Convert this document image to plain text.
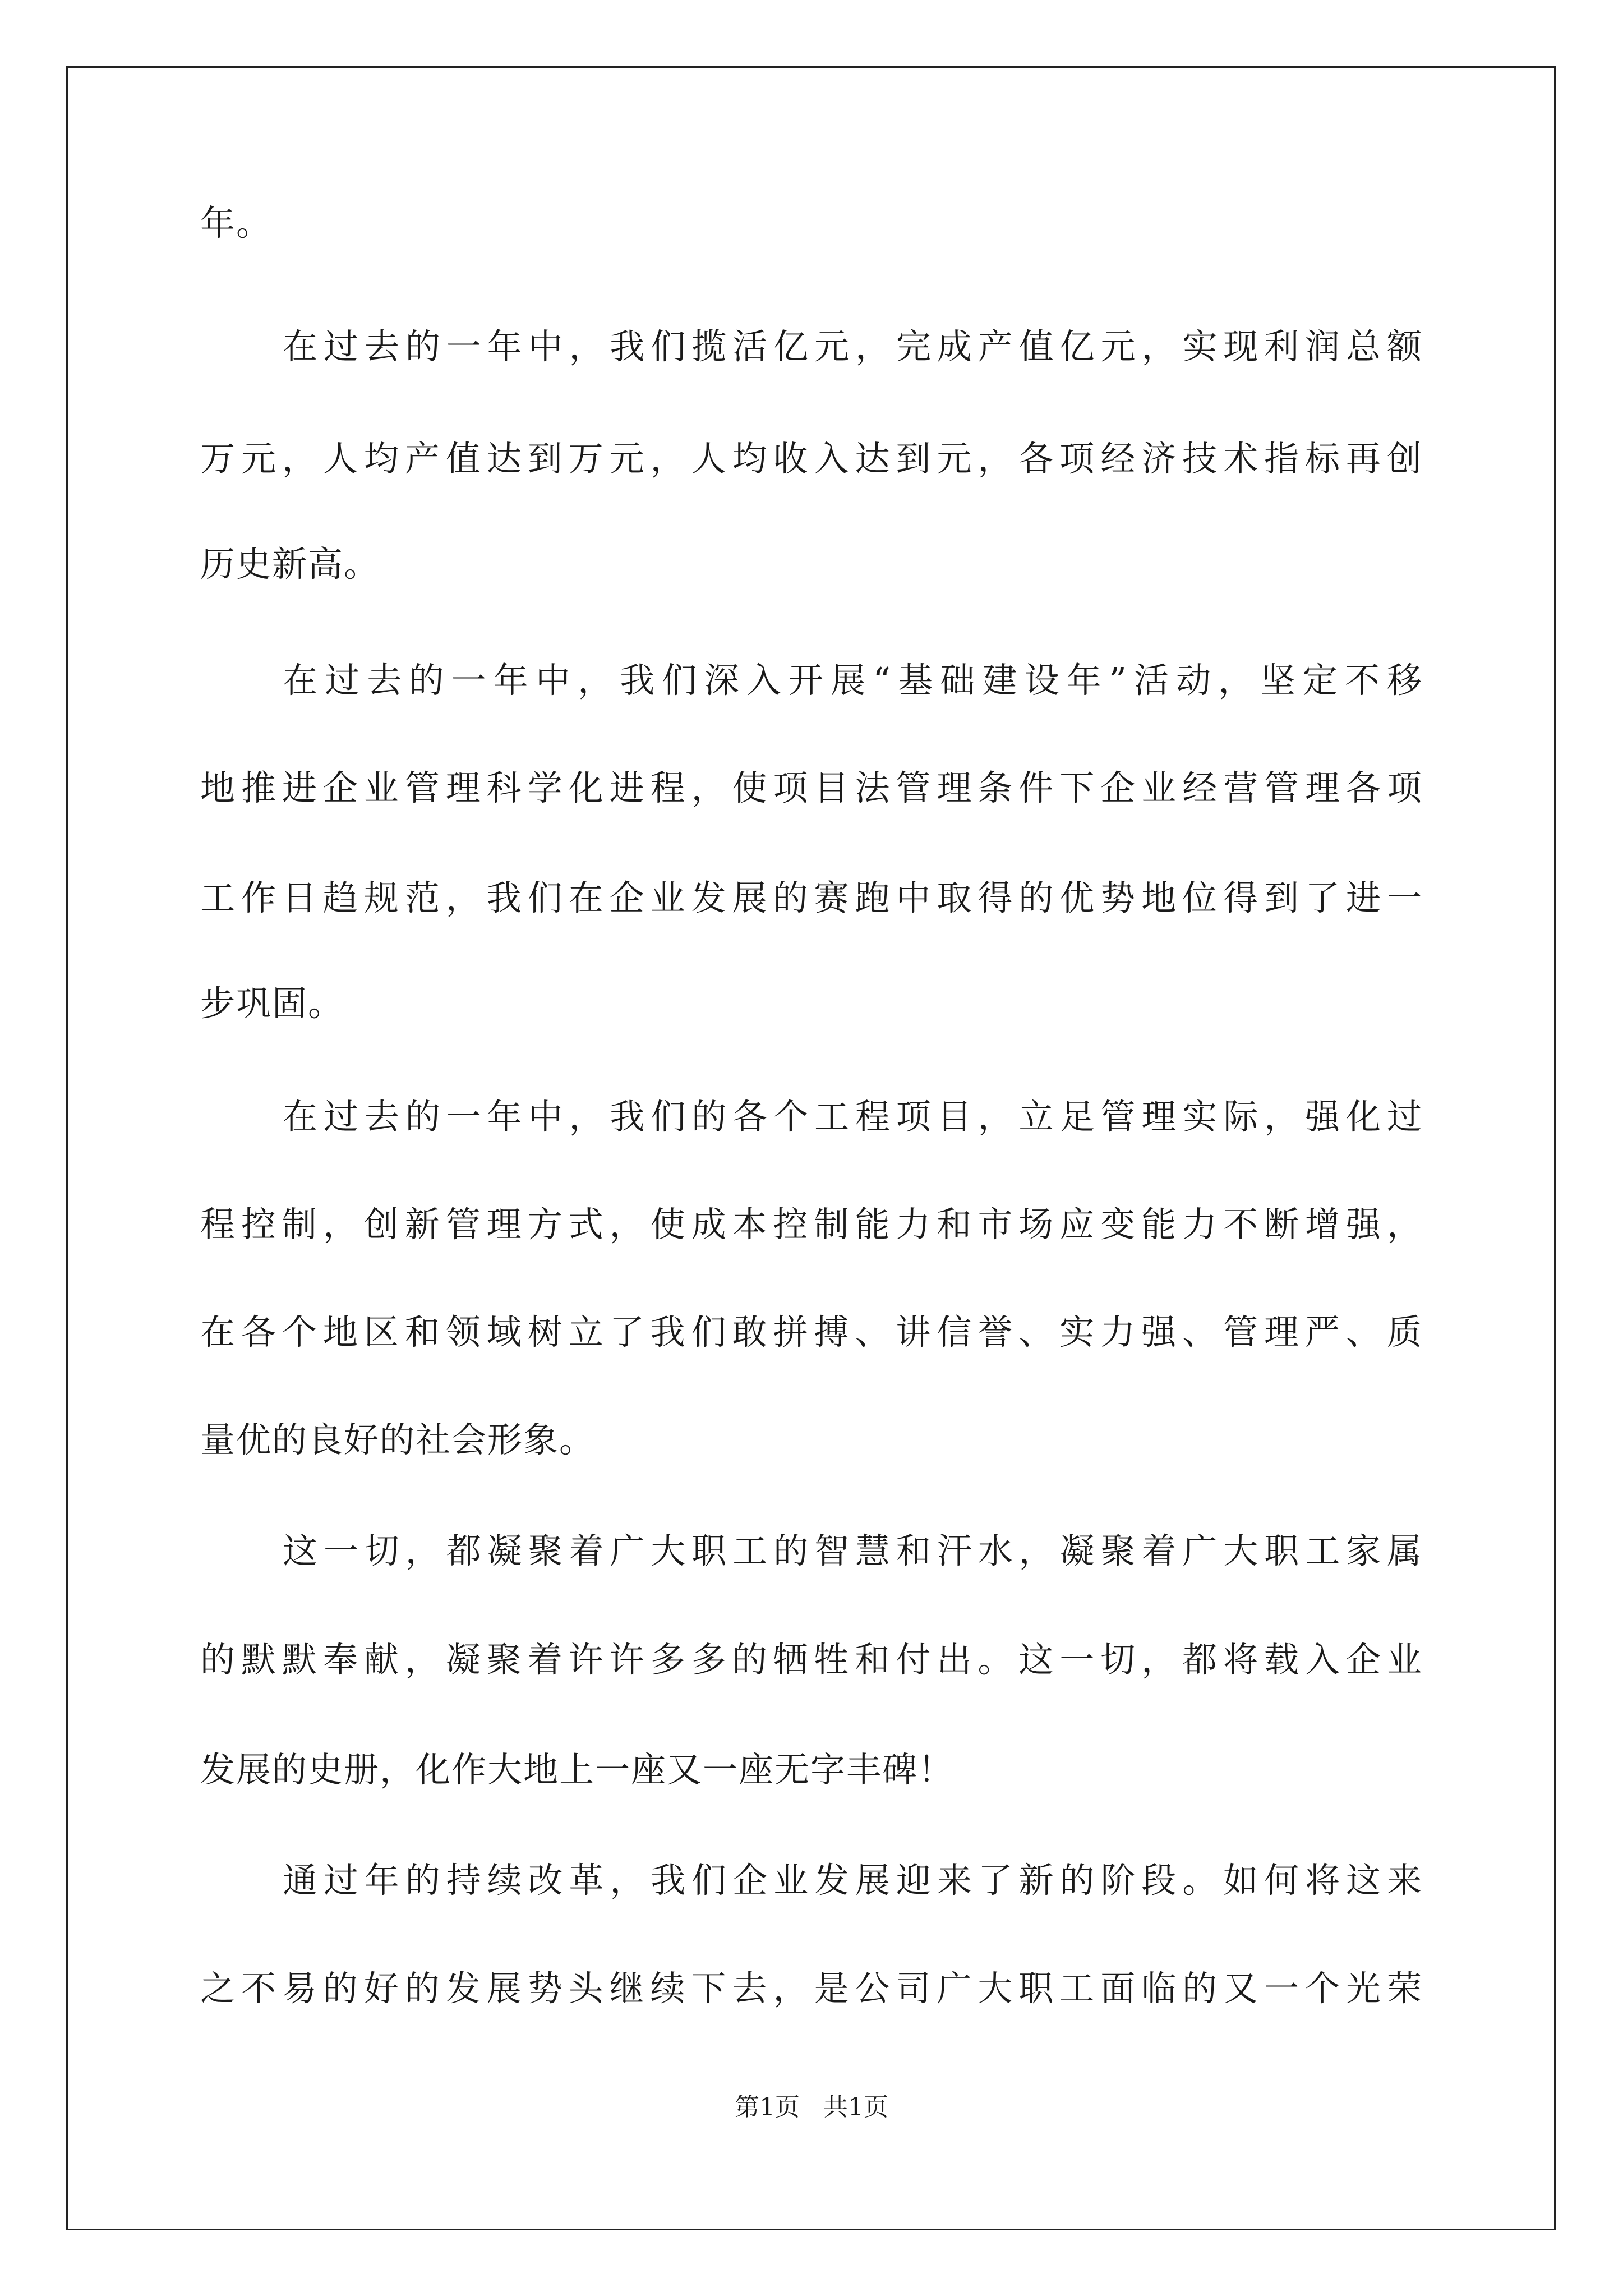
年。
在过去的一年中，我们揽活亿元，完成产值亿元，实现利润总额
万元，人均产值达到万元，人均收入达到元，各项经济技术指标再创
历史新高。
在过去的一年中，我们深入开展“基础建设年”活动，坚定不移
地推进企业管理科学化进程，使项目法管理条件下企业经营管理各项
工作日趋规范，我们在企业发展的赛跑中取得的优势地位得到了进一
步巩固。
在过去的一年中，我们的各个工程项目，立足管理实际，强化过
程控制，创新管理方式，使成本控制能力和市场应变能力不断增强，
在各个地区和领域树立了我们敢拼搏、讲信誉、实力强、管理严、质
量优的良好的社会形象。
这一切，都凝聚着广大职工的智慧和汗水，凝聚着广大职工家属
的默默奉献，凝聚着许许多多的牺牲和付出。这一切，都将载入企业
发展的史册，化作大地上一座又一座无字丰碑！
通过年的持续改革，我们企业发展迎来了新的阶段。如何将这来
之不易的好的发展势头继续下去，是公司广大职工面临的又一个光荣
第1页   共1页
